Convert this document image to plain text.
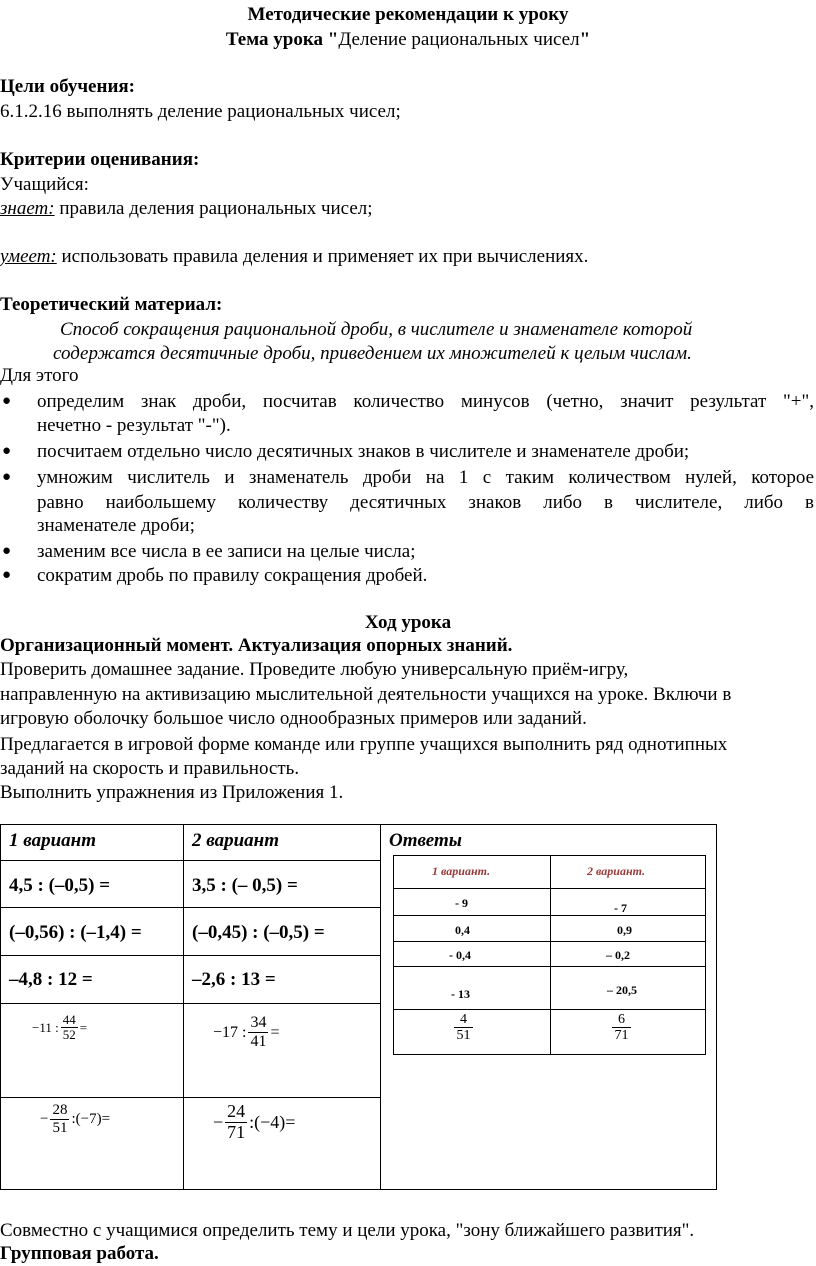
Методические рекомендации к уроку
Тема урока "Деление рациональных чисел"
Цели обучения:
6.1.2.16 выполнять деление рациональных чисел;
Критерии оценивания:
Учащийся:
знает: правила деления рациональных чисел;
умеет: использовать правила деления и применяет их при вычислениях.
Теоретический материал:
Способ сокращения рациональной дроби, в числителе и знаменателе которой
содержатся десятичные дроби, приведением их множителей к целым числам.
Для этого
● определим знак дроби, посчитав количество минусов (четно, значит результат "+",
нечетно - результат "-").
● посчитаем отдельно число десятичных знаков в числителе и знаменателе дроби;
● умножим числитель и знаменатель дроби на 1 с таким количеством нулей, которое
равно наибольшему количеству десятичных знаков либо в числителе, либо в
знаменателе дроби;
● заменим все числа в ее записи на целые числа;
● сократим дробь по правилу сокращения дробей.
Ход урока
Организационный момент. Актуализация опорных знаний.
Проверить домашнее задание. Проведите любую универсальную приём-игру,
направленную на активизацию мыслительной деятельности учащихся на уроке. Включи в
игровую оболочку большое число однообразных примеров или заданий.
Предлагается в игровой форме команде или группе учащихся выполнить ряд однотипных
заданий на скорость и правильность.
Выполнить упражнения из Приложения 1.
1 вариант	2 вариант	Ответы
4,5 : (–0,5) =	3,5 : (– 0,5) =
(–0,56) : (–1,4) =	(–0,45) : (–0,5) =
–4,8 : 12 =	–2,6 : 13 =
−11 : $\frac{44}{52}$ =	−17 : $\frac{34}{41}$ =
− $\frac{28}{51}$ :(−7)=	− $\frac{24}{71}$ :(−4)=
1 вариант.	2 вариант.
- 9	- 7
0,4	0,9
- 0,4	– 0,2
- 13	– 20,5
$\frac{4}{51}$	$\frac{6}{71}$
Совместно с учащимися определить тему и цели урока, "зону ближайшего развития".
Групповая работа.
